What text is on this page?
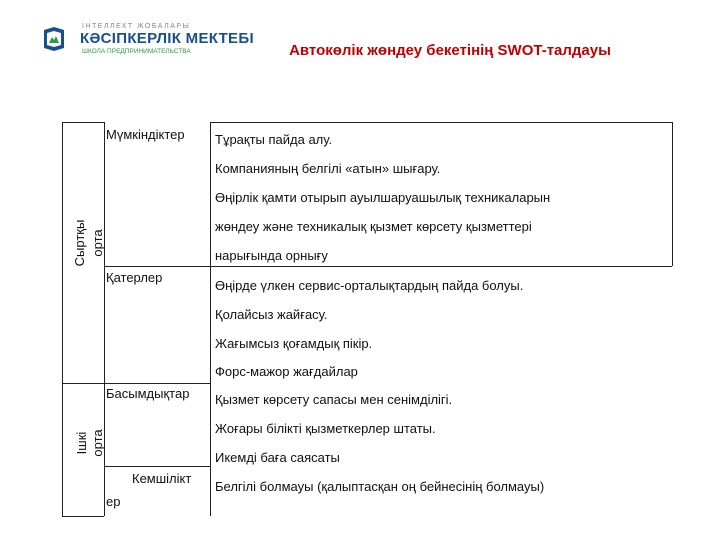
ІНТЕЛЛЕКТ ЖОБАЛАРЫ
КӘСІПКЕРЛІК МЕКТЕБІ
ШКОЛА ПРЕДПРИНИМАТЕЛЬСТВА	Автокөлік жөндеу бекетінің SWOT-талдауы
Сыртқы орта
Ішкі орта
Мүмкіндіктер Тұрақты пайда алу.
Компанияның белгілі «атын» шығару.
Өңірлік қамти отырып ауылшаруашылық техникаларын
жөндеу және техникалық қызмет көрсету қызметтері
нарығында орнығу
Қатерлер
Өңірде үлкен сервис-орталықтардың пайда болуы.
Қолайсыз жайғасу.
Жағымсыз қоғамдық пікір.
Форс-мажор жағдайлар
Басымдықтар Қызмет көрсету сапасы мен сенімділігі.
Жоғары білікті қызметкерлер штаты.
Икемді баға саясаты
Кемшілікт
ер
Белгілі болмауы (қалыптасқан оң бейнесінің болмауы)
